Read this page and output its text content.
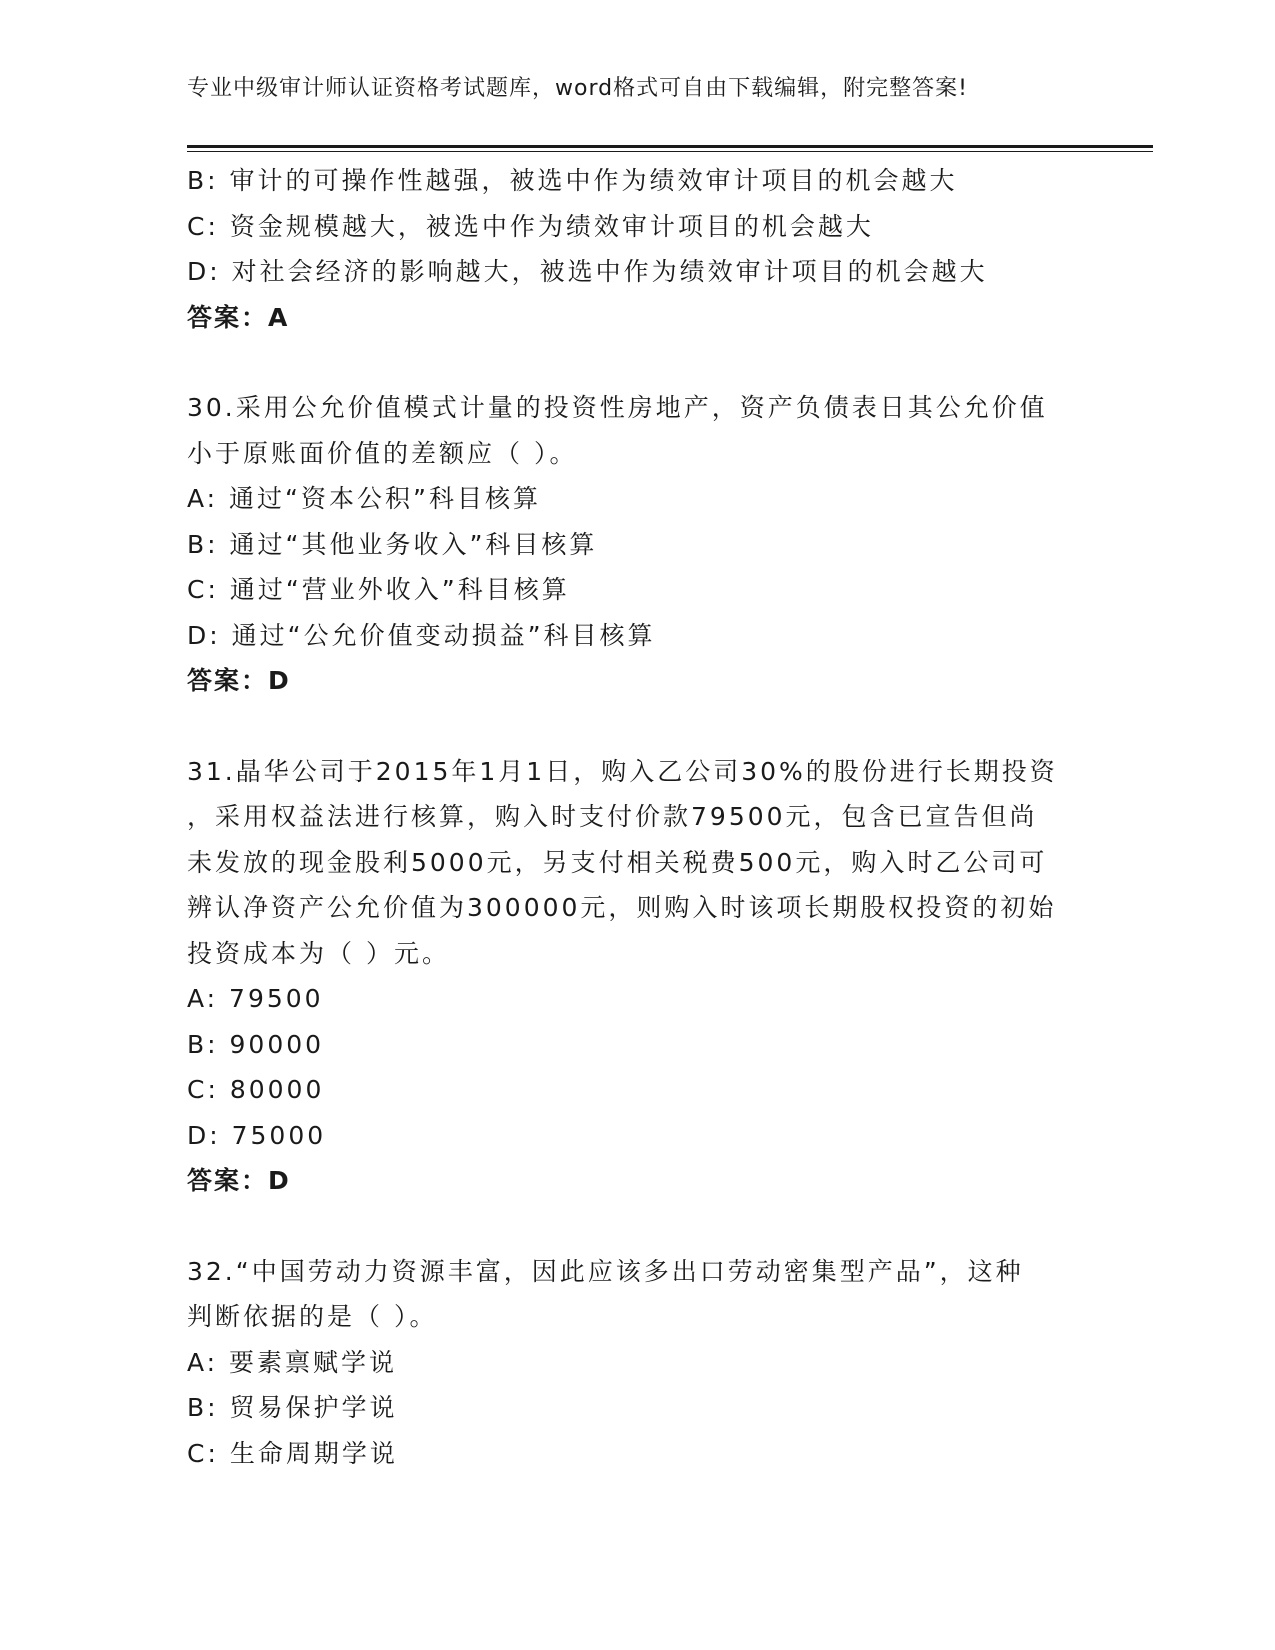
专业中级审计师认证资格考试题库，word格式可自由下载编辑，附完整答案!
B: 审计的可操作性越强，被选中作为绩效审计项目的机会越大
C: 资金规模越大，被选中作为绩效审计项目的机会越大
D: 对社会经济的影响越大，被选中作为绩效审计项目的机会越大
答案：A
30.采用公允价值模式计量的投资性房地产，资产负债表日其公允价值
小于原账面价值的差额应（ ）。
A: 通过“资本公积”科目核算
B: 通过“其他业务收入”科目核算
C: 通过“营业外收入”科目核算
D: 通过“公允价值变动损益”科目核算
答案：D
31.晶华公司于2015年1月1日，购入乙公司30%的股份进行长期投资
，采用权益法进行核算，购入时支付价款79500元，包含已宣告但尚
未发放的现金股利5000元，另支付相关税费500元，购入时乙公司可
辨认净资产公允价值为300000元，则购入时该项长期股权投资的初始
投资成本为（ ）元。
A: 79500
B: 90000
C: 80000
D: 75000
答案：D
32.“中国劳动力资源丰富，因此应该多出口劳动密集型产品”，这种
判断依据的是（ ）。
A: 要素禀赋学说
B: 贸易保护学说
C: 生命周期学说
